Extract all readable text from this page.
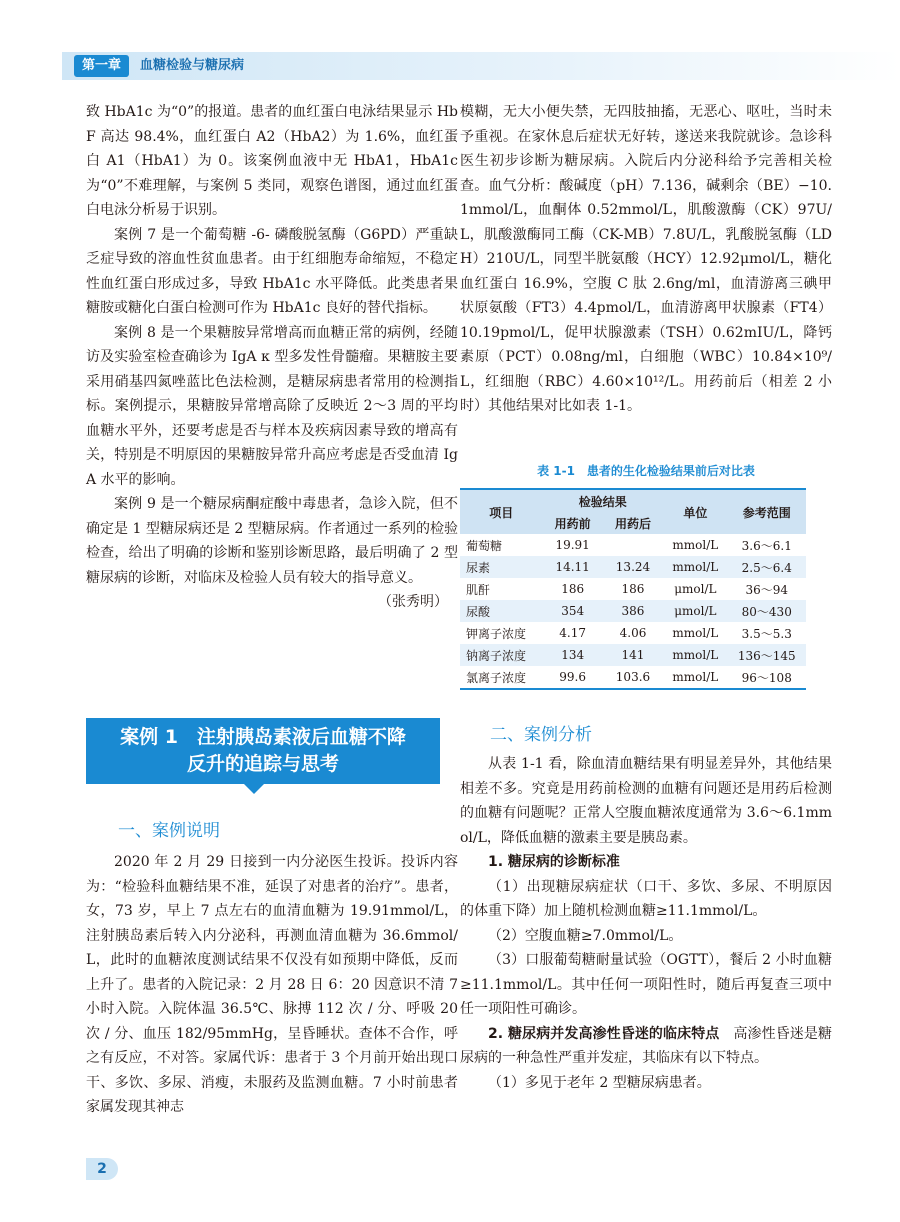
第一章	血糖检验与糖尿病

致 HbA1c 为“0”的报道。患者的血红蛋白电泳结果显示 HbF 高达 98.4%，血红蛋白 A2（HbA2）为 1.6%，血红蛋白 A1（HbA1）为 0。该案例血液中无 HbA1，HbA1c 为“0”不难理解，与案例 5 类同，观察色谱图，通过血红蛋白电泳分析易于识别。

案例 7 是一个葡萄糖 -6- 磷酸脱氢酶（G6PD）严重缺乏症导致的溶血性贫血患者。由于红细胞寿命缩短，不稳定性血红蛋白形成过多，导致 HbA1c 水平降低。此类患者果糖胺或糖化白蛋白检测可作为 HbA1c 良好的替代指标。

案例 8 是一个果糖胺异常增高而血糖正常的病例，经随访及实验室检查确诊为 IgA κ 型多发性骨髓瘤。果糖胺主要采用硝基四氮唑蓝比色法检测，是糖尿病患者常用的检测指标。案例提示，果糖胺异常增高除了反映近 2～3 周的平均血糖水平外，还要考虑是否与样本及疾病因素导致的增高有关，特别是不明原因的果糖胺异常升高应考虑是否受血清 IgA 水平的影响。

案例 9 是一个糖尿病酮症酸中毒患者，急诊入院，但不确定是 1 型糖尿病还是 2 型糖尿病。作者通过一系列的检验检查，给出了明确的诊断和鉴别诊断思路，最后明确了 2 型糖尿病的诊断，对临床及检验人员有较大的指导意义。

（张秀明）

案例 1　注射胰岛素液后血糖不降
反升的追踪与思考
一、案例说明

2020 年 2 月 29 日接到一内分泌医生投诉。投诉内容为：“检验科血糖结果不准，延误了对患者的治疗”。患者，女，73 岁，早上 7 点左右的血清血糖为 19.91mmol/L，注射胰岛素后转入内分泌科，再测血清血糖为 36.6mmol/L，此时的血糖浓度测试结果不仅没有如预期中降低，反而上升了。患者的入院记录：2 月 28 日 6：20 因意识不清 7 小时入院。入院体温 36.5℃、脉搏 112 次 / 分、呼吸 20 次 / 分、血压 182/95mmHg，呈昏睡状。查体不合作，呼之有反应，不对答。家属代诉：患者于 3 个月前开始出现口干、多饮、多尿、消瘦，未服药及监测血糖。7 小时前患者家属发现其神志

模糊，无大小便失禁，无四肢抽搐，无恶心、呕吐，当时未予重视。在家休息后症状无好转，遂送来我院就诊。急诊科医生初步诊断为糖尿病。入院后内分泌科给予完善相关检查。血气分析：酸碱度（pH）7.136，碱剩余（BE）−10.1mmol/L，血酮体 0.52mmol/L，肌酸激酶（CK）97U/L，肌酸激酶同工酶（CK-MB）7.8U/L，乳酸脱氢酶（LDH）210U/L，同型半胱氨酸（HCY）12.92μmol/L，糖化血红蛋白 16.9%，空腹 C 肽 2.6ng/ml，血清游离三碘甲状原氨酸（FT3）4.4pmol/L，血清游离甲状腺素（FT4）10.19pmol/L，促甲状腺激素（TSH）0.62mIU/L，降钙素原（PCT）0.08ng/ml，白细胞（WBC）10.84×10⁹/L，红细胞（RBC）4.60×10¹²/L。用药前后（相差 2 小时）其他结果对比如表 1-1。

表 1-1　患者的生化检验结果前后对比表
项目	检验结果		单位	参考范围
	用药前	用药后		
葡萄糖	19.91		mmol/L	3.6～6.1
尿素	14.11	13.24	mmol/L	2.5～6.4
肌酐	186	186	μmol/L	36～94
尿酸	354	386	μmol/L	80～430
钾离子浓度	4.17	4.06	mmol/L	3.5～5.3
钠离子浓度	134	141	mmol/L	136～145
氯离子浓度	99.6	103.6	mmol/L	96～108
二、案例分析

从表 1-1 看，除血清血糖结果有明显差异外，其他结果相差不多。究竟是用药前检测的血糖有问题还是用药后检测的血糖有问题呢？正常人空腹血糖浓度通常为 3.6～6.1mmol/L，降低血糖的激素主要是胰岛素。

1. 糖尿病的诊断标准

（1）出现糖尿病症状（口干、多饮、多尿、不明原因的体重下降）加上随机检测血糖≥11.1mmol/L。

（2）空腹血糖≥7.0mmol/L。

（3）口服葡萄糖耐量试验（OGTT），餐后 2 小时血糖≥11.1mmol/L。其中任何一项阳性时，随后再复查三项中任一项阳性可确诊。

2. 糖尿病并发高渗性昏迷的临床特点　高渗性昏迷是糖尿病的一种急性严重并发症，其临床有以下特点。

（1）多见于老年 2 型糖尿病患者。

2
